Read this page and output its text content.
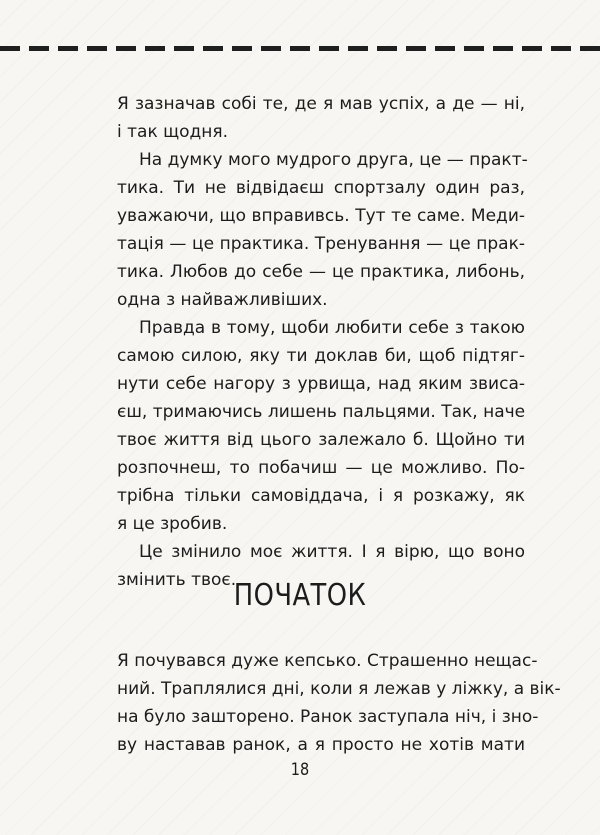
Я зазначав собі те, де я мав успіх, а де — ні,
і так щодня.

На думку мого мудрого друга, це — практ-
тика. Ти не відвідаєш спортзалу один раз,
уважаючи, що вправивсь. Тут те саме. Меди-
тація — це практика. Тренування — це прак-
тика. Любов до себе — це практика, либонь,
одна з найважливіших.

Правда в тому, щоби любити себе з такою
самою силою, яку ти доклав би, щоб підтяг-
нути себе нагору з урвища, над яким звиса-
єш, тримаючись лишень пальцями. Так, наче
твоє життя від цього залежало б. Щойно ти
розпочнеш, то побачиш — це можливо. По-
трібна тільки самовіддача, і я розкажу, як
я це зробив.

Це змінило моє життя. І я вірю, що воно
змінить твоє.

ПОЧАТОК

Я почувався дуже кепсько. Страшенно нещас-
ний. Траплялися дні, коли я лежав у ліжку, а вік-
на було зашторено. Ранок заступала ніч, і зно-
ву наставав ранок, а я просто не хотів мати

18
